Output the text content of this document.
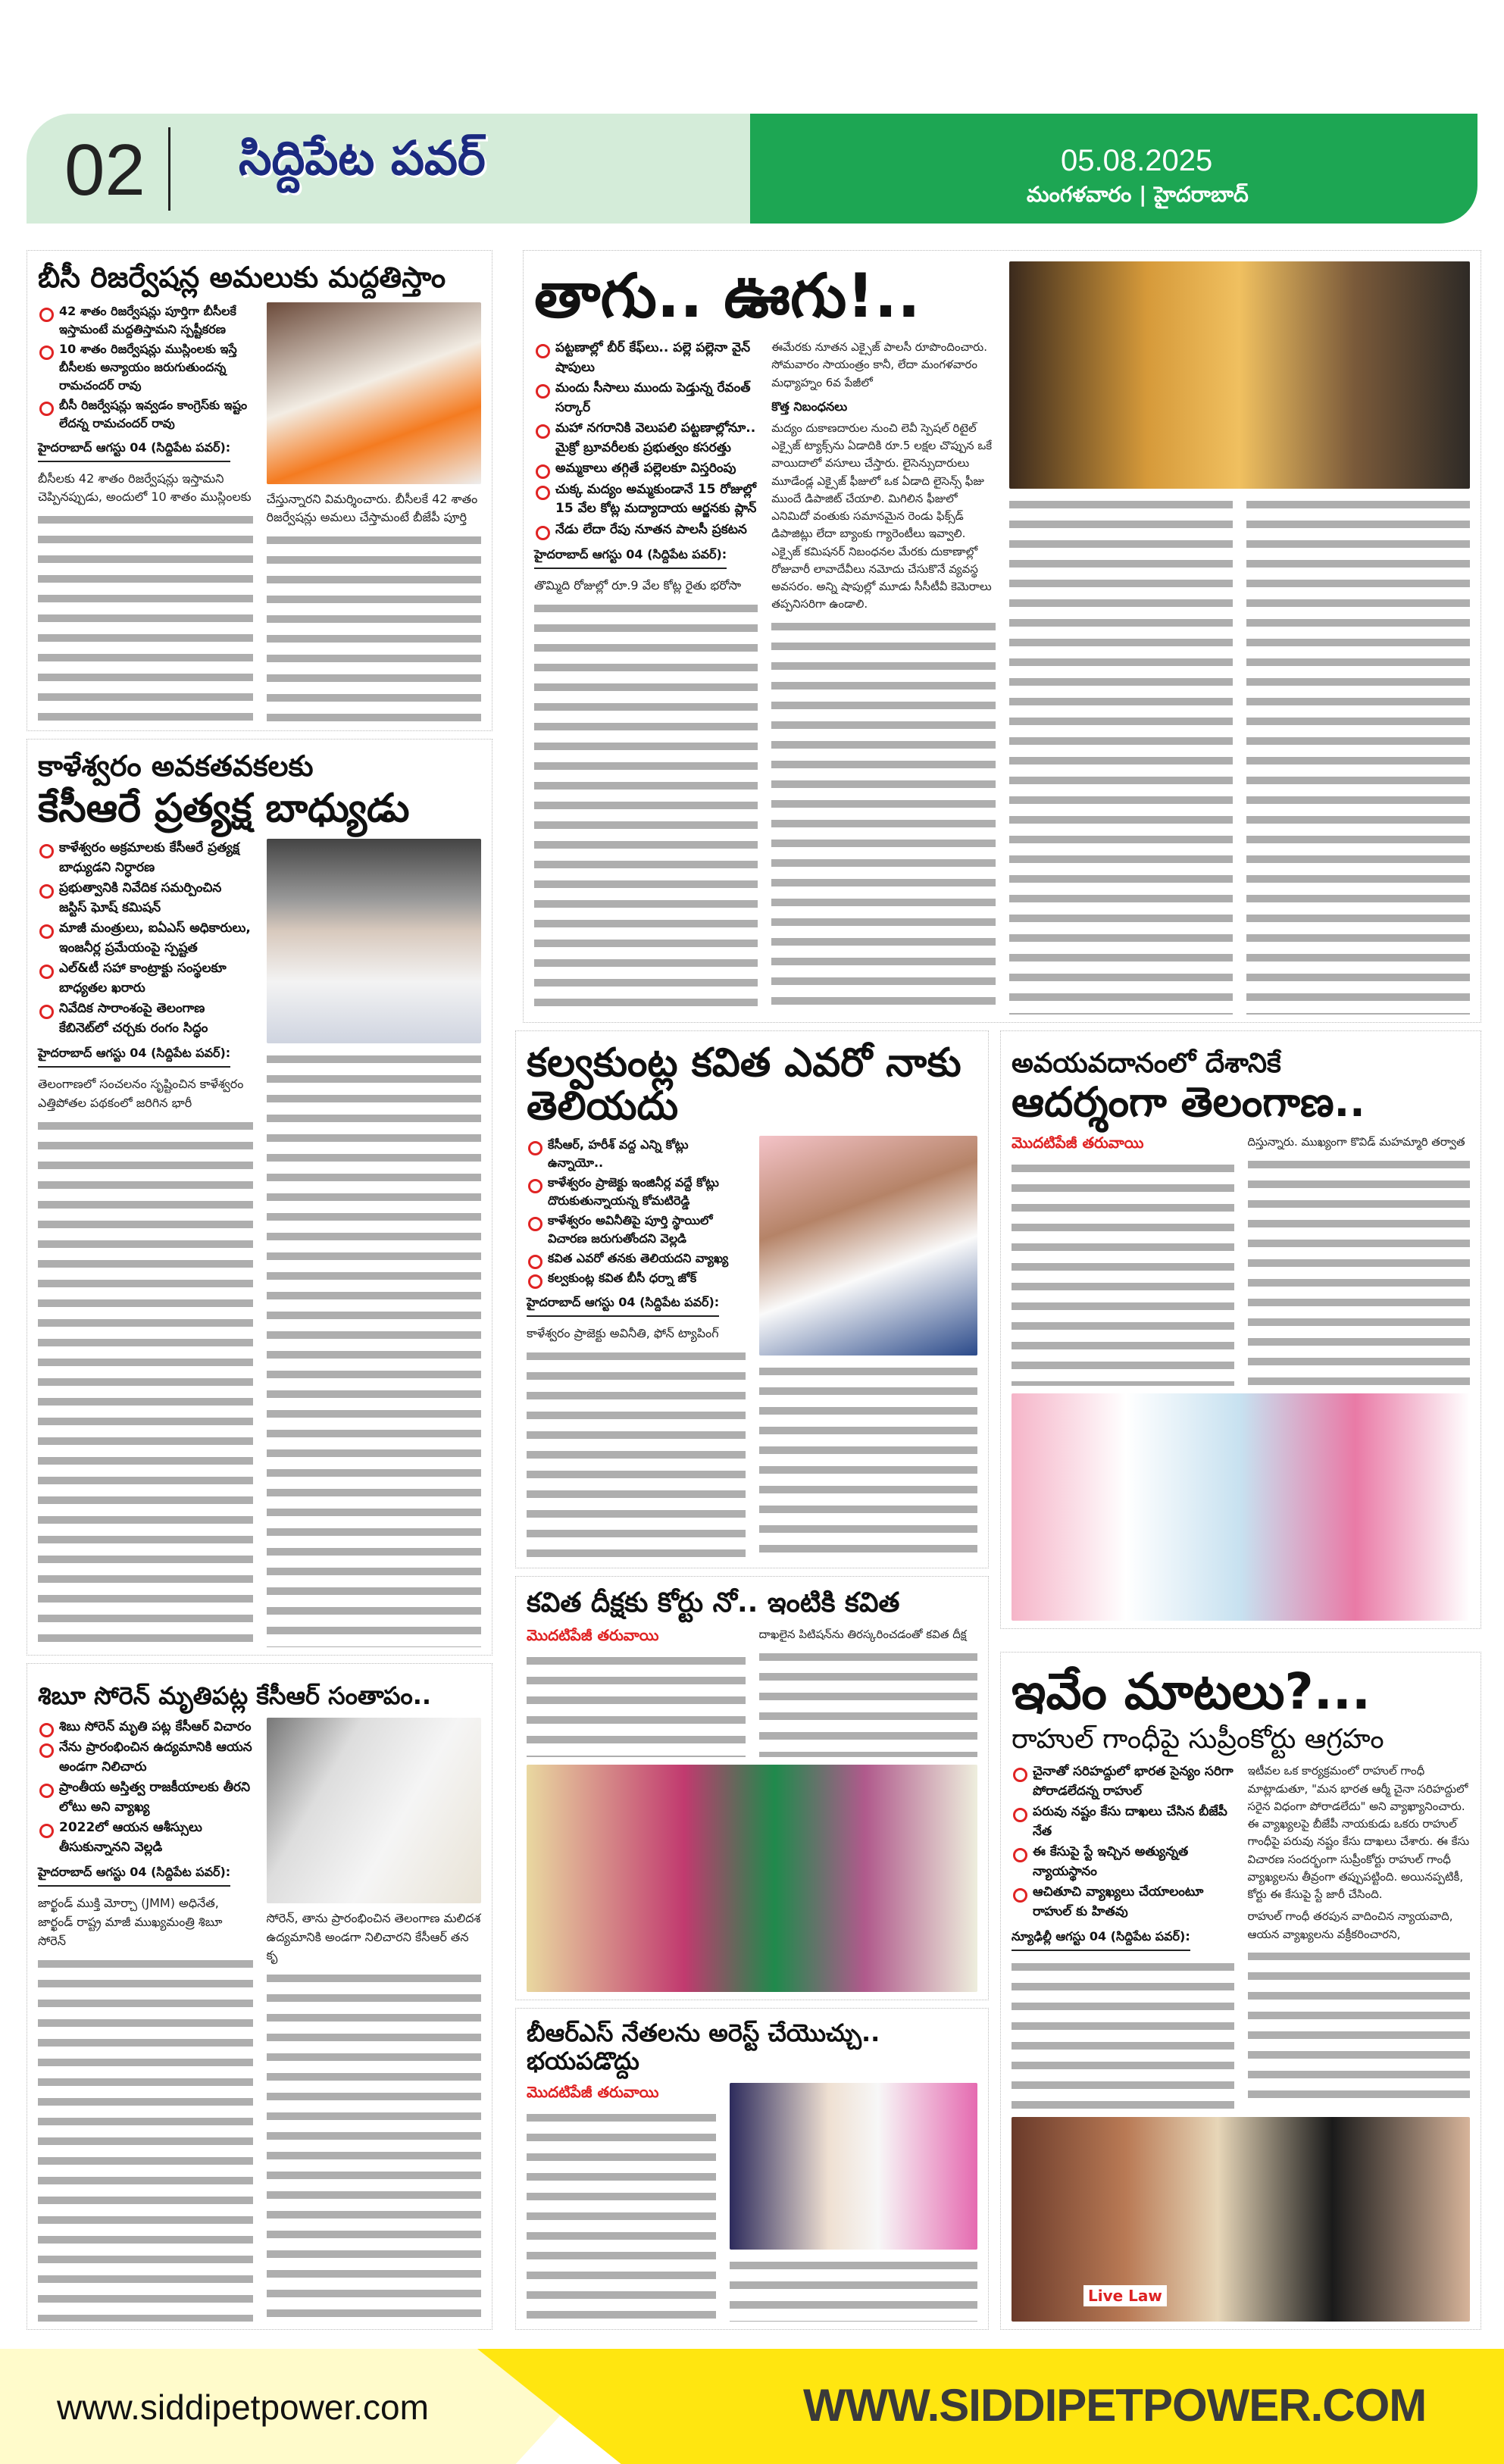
02 సిద్దిపేట పవర్	05.08.2025
మంగళవారం | హైదరాబాద్
బీసీ రిజర్వేషన్ల అమలుకు మద్దతిస్తాం
42 శాతం రిజర్వేషన్లు పూర్తిగా బీసీలకే ఇస్తామంటే మద్దతిస్తామని స్పష్టీకరణ
10 శాతం రిజర్వేషన్లు ముస్లింలకు ఇస్తే బీసీలకు అన్యాయం జరుగుతుందన్న రామచందర్ రావు
బీసీ రిజర్వేషన్లు ఇవ్వడం కాంగ్రెస్‌కు ఇష్టం లేదన్న రామచందర్ రావు
హైదరాబాద్ ఆగస్టు 04 (సిద్దిపేట పవర్):
బీసీలకు 42 శాతం రిజర్వేషన్లు ఇస్తామని చెప్పినప్పుడు, అందులో 10 శాతం ముస్లింలకు చేస్తున్నారని విమర్శించారు. బీసీలకే 42 శాతం రిజర్వేషన్లు అమలు చేస్తామంటే బీజేపీ పూర్తి
కాళేశ్వరం అవకతవకలకు
కేసీఆరే ప్రత్యక్ష బాధ్యుడు
కాళేశ్వరం అక్రమాలకు కేసీఆరే ప్రత్యక్ష బాధ్యుడని నిర్ధారణ
ప్రభుత్వానికి నివేదిక సమర్పించిన జస్టిస్ ఘోష్ కమిషన్
మాజీ మంత్రులు, ఐఏఎస్ అధికారులు, ఇంజనీర్ల ప్రమేయంపై స్పష్టత
ఎల్&టీ సహా కాంట్రాక్టు సంస్థలకూ బాధ్యతల ఖరారు
నివేదిక సారాంశంపై తెలంగాణ కేబినెట్‌లో చర్చకు రంగం సిద్ధం
హైదరాబాద్ ఆగస్టు 04 (సిద్దిపేట పవర్):
తెలంగాణలో సంచలనం సృష్టించిన కాళేశ్వరం ఎత్తిపోతల పథకంలో జరిగిన భారీ
శిబూ సోరెన్ మృతిపట్ల కేసీఆర్ సంతాపం..
శిబు సోరెన్ మృతి పట్ల కేసీఆర్ విచారం
నేను ప్రారంభించిన ఉద్యమానికి ఆయన అండగా నిలిచారు
ప్రాంతీయ అస్తిత్వ రాజకీయాలకు తీరని లోటు అని వ్యాఖ్య
2022లో ఆయన ఆశీస్సులు తీసుకున్నానని వెల్లడి
హైదరాబాద్ ఆగస్టు 04 (సిద్దిపేట పవర్):
జార్ఖండ్ ముక్తి మోర్చా (JMM) అధినేత, జార్ఖండ్ రాష్ట్ర మాజీ ముఖ్యమంత్రి శిబూ సోరెన్
సోరెన్, తాను ప్రారంభించిన తెలంగాణ మలిదశ ఉద్యమానికి అండగా నిలిచారని కేసీఆర్ తన కృ
తాగు.. ఊగు!..
పట్టణాల్లో బీర్ కేఫ్‌లు.. పల్లె పల్లెనా వైన్ షాపులు
మందు సీసాలు ముందు పెడ్తున్న రేవంత్ సర్కార్
మహా నగరానికి వెలుపలి పట్టణాల్లోనూ.. మైక్రో బ్రూవరీలకు ప్రభుత్వం కసరత్తు
అమ్మకాలు తగ్గితే పల్లెలకూ విస్తరింపు
చుక్క మద్యం అమ్మకుండానే 15 రోజుల్లో 15 వేల కోట్ల మద్యాదాయ ఆర్జనకు ప్లాన్
నేడు లేదా రేపు నూతన పాలసీ ప్రకటన
హైదరాబాద్ ఆగస్టు 04 (సిద్దిపేట పవర్):
తొమ్మిది రోజుల్లో రూ.9 వేల కోట్ల రైతు భరోసా
ఈమేరకు నూతన ఎక్సైజ్ పాలసీ రూపొందించారు. సోమవారం సాయంత్రం కానీ, లేదా మంగళవారం మధ్యాహ్నం 6వ పేజీలో
కొత్త నిబంధనలు
మద్యం దుకాణదారుల నుంచి లెవీ స్పెషల్ రిటైల్ ఎక్సైజ్ ట్యాక్స్‌ను ఏడాదికి రూ.5 లక్షల చొప్పున ఒకే వాయిదాలో వసూలు చేస్తారు. లైసెన్సుదారులు మూడేండ్ల ఎక్సైజ్ ఫీజులో ఒక ఏడాది లైసెన్స్ ఫీజు ముందే డిపాజిట్ చేయాలి. మిగిలిన ఫీజులో ఎనిమిదో వంతుకు సమానమైన రెండు ఫిక్స్‌డ్ డిపాజిట్లు లేదా బ్యాంకు గ్యారెంటీలు ఇవ్వాలి. ఎక్సైజ్ కమిషనర్ నిబంధనల మేరకు దుకాణాల్లో రోజువారీ లావాదేవీలు నమోదు చేసుకొనే వ్యవస్థ అవసరం. అన్ని షాపుల్లో మూడు సీసీటీవీ కెమెరాలు తప్పనిసరిగా ఉండాలి.
కల్వకుంట్ల కవిత ఎవరో నాకు తెలియదు
కేసీఆర్, హరీశ్ వద్ద ఎన్ని కోట్లు ఉన్నాయో..
కాళేశ్వరం ప్రాజెక్టు ఇంజినీర్ల వద్దే కోట్లు దొరుకుతున్నాయన్న కోమటిరెడ్డి
కాళేశ్వరం అవినీతిపై పూర్తి స్థాయిలో విచారణ జరుగుతోందని వెల్లడి
కవిత ఎవరో తనకు తెలియదని వ్యాఖ్య
కల్వకుంట్ల కవిత బీసీ ధర్నా జోక్
హైదరాబాద్ ఆగస్టు 04 (సిద్దిపేట పవర్):
కాళేశ్వరం ప్రాజెక్టు అవినీతి, ఫోన్ ట్యాపింగ్
అవయవదానంలో దేశానికే
ఆదర్శంగా తెలంగాణ..
మొదటిపేజీ తరువాయి	దిస్తున్నారు. ముఖ్యంగా కొవిడ్ మహమ్మారి తర్వాత
కవిత దీక్షకు కోర్టు నో.. ఇంటికి కవిత
మొదటిపేజీ తరువాయి	దాఖలైన పిటిషన్‌ను తిరస్కరించడంతో కవిత దీక్ష
బీఆర్ఎస్ నేతలను అరెస్ట్ చేయొచ్చు.. భయపడొద్దు
మొదటిపేజీ తరువాయి
ఇవేం మాటలు?...
రాహుల్ గాంధీపై సుప్రీంకోర్టు ఆగ్రహం
చైనాతో సరిహద్దులో భారత సైన్యం సరిగా పోరాడలేదన్న రాహుల్
పరువు నష్టం కేసు దాఖలు చేసిన బీజేపీ నేత
ఈ కేసుపై స్టే ఇచ్చిన అత్యున్నత న్యాయస్థానం
ఆచితూచి వ్యాఖ్యలు చేయాలంటూ రాహుల్ కు హితవు
న్యూఢిల్లీ ఆగస్టు 04 (సిద్దిపేట పవర్):
ఇటీవల ఒక కార్యక్రమంలో రాహుల్ గాంధీ మాట్లాడుతూ, "మన భారత ఆర్మీ చైనా సరిహద్దులో సరైన విధంగా పోరాడలేదు" అని వ్యాఖ్యానించారు. ఈ వ్యాఖ్యలపై బీజేపీ నాయకుడు ఒకరు రాహుల్ గాంధీపై పరువు నష్టం కేసు దాఖలు చేశారు. ఈ కేసు విచారణ సందర్భంగా సుప్రీంకోర్టు రాహుల్ గాంధీ వ్యాఖ్యలను తీవ్రంగా తప్పుపట్టింది. అయినప్పటికీ, కోర్టు ఈ కేసుపై స్టే జారీ చేసింది.
రాహుల్ గాంధీ తరపున వాదించిన న్యాయవాది, ఆయన వ్యాఖ్యలను వక్రీకరించారని,
Live Law
www.siddipetpower.com	WWW.SIDDIPETPOWER.COM
